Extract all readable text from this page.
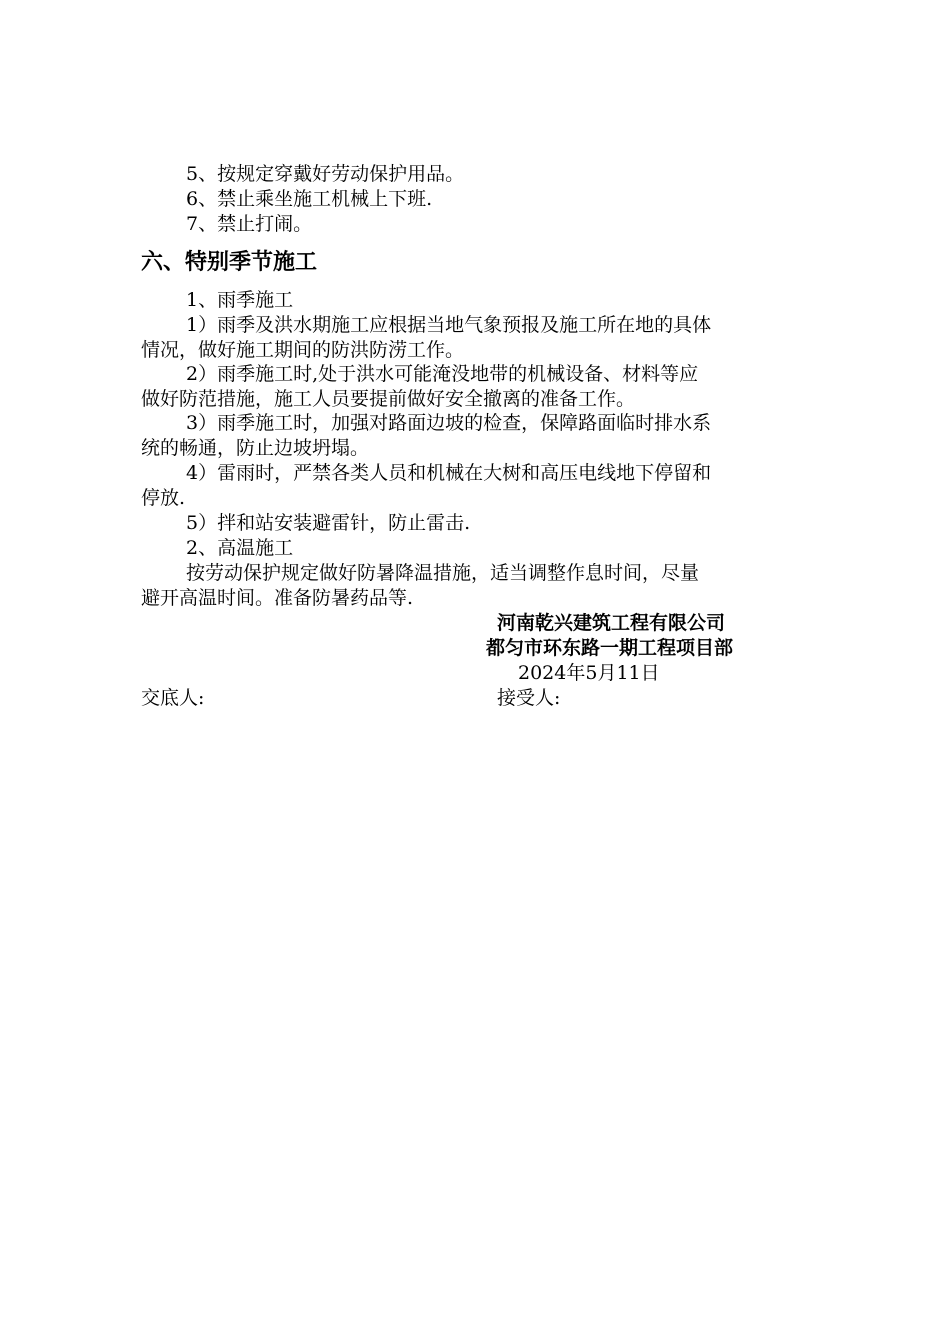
5、按规定穿戴好劳动保护用品。
6、禁止乘坐施工机械上下班.
7、禁止打闹。
六、特别季节施工
1、雨季施工
1）雨季及洪水期施工应根据当地气象预报及施工所在地的具体
情况，做好施工期间的防洪防涝工作。
2）雨季施工时,处于洪水可能淹没地带的机械设备、材料等应
做好防范措施，施工人员要提前做好安全撤离的准备工作。
3）雨季施工时，加强对路面边坡的检查，保障路面临时排水系
统的畅通，防止边坡坍塌。
4）雷雨时，严禁各类人员和机械在大树和高压电线地下停留和
停放.
5）拌和站安装避雷针，防止雷击.
2、高温施工
按劳动保护规定做好防暑降温措施，适当调整作息时间，尽量
避开高温时间。准备防暑药品等.
河南乾兴建筑工程有限公司
都匀市环东路一期工程项目部
2024年5月11日
交底人:	接受人:
